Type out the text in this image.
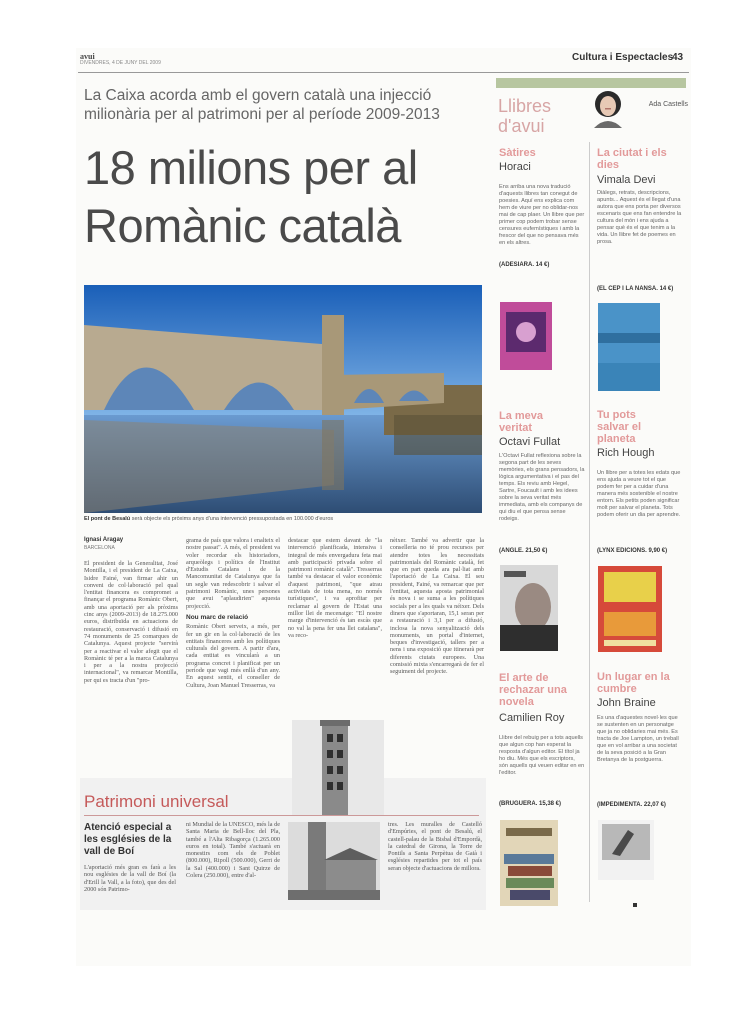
avui
DIVENDRES, 4 DE JUNY DEL 2009	Cultura i Espectacles
43
La Caixa acorda amb el govern català una injecció milionària per al patrimoni per al període 2009-2013
18 milions per al Romànic català
El pont de Besalú serà objecte els pròxims anys d'una intervenció pressupostada en 100.000 d'euros
Ignasi Aragay
BARCELONA

El president de la Generalitat, José Montilla, i el president de La Caixa, Isidre Fainé, van firmar ahir un conveni de col·laboració pel qual l'entitat financera es compromet a finançar el programa Romànic Obert, amb una aportació per als pròxims cinc anys (2009-2013) de 18.275.000 euros, distribuïda en actuacions de restauració, conservació i difusió en 74 monuments de 25 comarques de Catalunya. Aquest projecte "servirà per a reactivar el valor afegit que el Romànic té per a la marca Catalunya i per a la nostra projecció internacional", va remarcar Montilla, per qui es tracta d'un "pro-

grama de país que valora i enalteix el nostre passat". A més, el president va voler recordar els historiadors, arqueòlegs i polítics de l'Institut d'Estudis Catalans i de la Mancomunitat de Catalunya que fa un segle van redescobrir i salvar el patrimoni Romànic, unes persones que avui "aplaudirien" aquesta projecció.

Nou marc de relació

Romànic Obert serveix, a més, per fer un gir en la col·laboració de les entitats financeres amb les polítiques culturals del govern. A partir d'ara, cada entitat es vincularà a un programa concret i planificat per un període que vagi més enllà d'un any. En aquest sentit, el conseller de Cultura, Joan Manuel Tresserras, va

destacar que estem davant de "la intervenció planificada, intensiva i integral de més envergadura feta mai amb participació privada sobre el patrimoni romànic català". Tresserras també va destacar el valor econòmic d'aquest patrimoni, "que atrau activitats de tota mena, no només turístiques", i va aprofitar per reclamar al govern de l'Estat una millor llei de mecenatge: "El nostre marge d'intervenció és tan escàs que no val la pena fer una llei catalana", va reco-

nèixer. També va advertir que la conselleria no té prou recursos per atendre totes les necessitats patrimonials del Romànic català, fet que en part queda ara pal·liat amb l'aportació de La Caixa. El seu president, Fainé, va remarcar que per l'entitat, aquesta aposta patrimonial és nova i se suma a les polítiques socials per a les quals va néixer. Dels diners que s'aportaran, 15,1 seran per a restauració i 3,1 per a difusió, inclosa la nova senyalització dels monuments, un portal d'internet, beques d'investigació, tallers per a nens i una exposició que itinerarà per diferents ciutats europees. Una comissió mixta s'encarregarà de fer el seguiment del projecte.

Patrimoni universal
Atenció especial a les esglésies de la vall de Boí

L'aportació més gran es farà a les nou esglésies de la vall de Boí (la d'Erill la Vall, a la foto), que des del 2000 són Patrimo-

ni Mundial de la UNESCO, més la de Santa Maria de Bell-lloc del Pla, també a l'Alta Ribagorça (1.265.000 euros en total). També s'actuarà en monestirs com els de Poblet (800.000), Ripoll (500.000), Gerri de la Sal (400.000) i Sant Quirze de Colera (250.000), entre d'al-

tres. Les muralles de Castelló d'Empúries, el pont de Besalú, el castell-palau de la Bisbal d'Empordà, la catedral de Girona, la Torre de Pontils a Santa Perpètua de Gaià i esglésies repartides per tot el país seran objecte d'actuacions de millora.

Llibres d'avui
Ada Castells
Sàtires
Horaci
Ens arriba una nova tradució d'aquests llibres tan conegut de poesies. Aquí ens explica com hem de viure per no oblidar-nos mai de cap plaer. Un llibre que per primer cop podem trobar sense censures eufemístiques i amb la frescor del que no pensava més en els altres.
(ADESIARA. 14 €)
La ciutat i els dies
Vimala Devi
Diàlegs, retrats, descripcions, apunts... Aquest és el llegat d'una autora que ens porta per diversos escenaris que ens fan entendre la cultura del món i ens ajuda a pensar què és el que tenim a la vida. Un llibre fet de poemes en prosa.
(EL CEP I LA NANSA. 14 €)
La meva veritat
Octavi Fullat
L'Octavi Fullat reflexiona sobre la segona part de les seves memòries, els grans pensadors, la lògica argumentativa i el pas del temps. Els reviu amb Hegel, Sartre, Foucault i amb les idees sobre la seva veritat més immediata, amb els companys de qui diu el que pensa sense rodeigs.
(ANGLE. 21,50 €)
Tu pots salvar el planeta
Rich Hough
Un llibre per a totes les edats que ens ajuda a veure tot el que podem fer per a cuidar d'una manera més sostenible el nostre entorn. Els petits poden significar molt per salvar el planeta. Tots podem oferir un dia per aprendre.
(LYNX EDICIONS. 9,90 €)
El arte de rechazar una novela
Camilien Roy
Llibre del rebuig per a tots aquells que algun cop han esperat la resposta d'algun editor. El títol ja ho diu. Més que els escriptors, són aquells qui veuen editar en en l'editor.
(BRUGUERA. 15,38 €)
Un lugar en la cumbre
John Braine
Es una d'aquestes novel·les que se sustenten en un personatge que ja no oblidaries mai més. Es tracta de Joe Lampton, un treball que en vol arribar a una societat de la seva posició a la Gran Bretanya de la postguerra.
(IMPEDIMENTA. 22,07 €)
